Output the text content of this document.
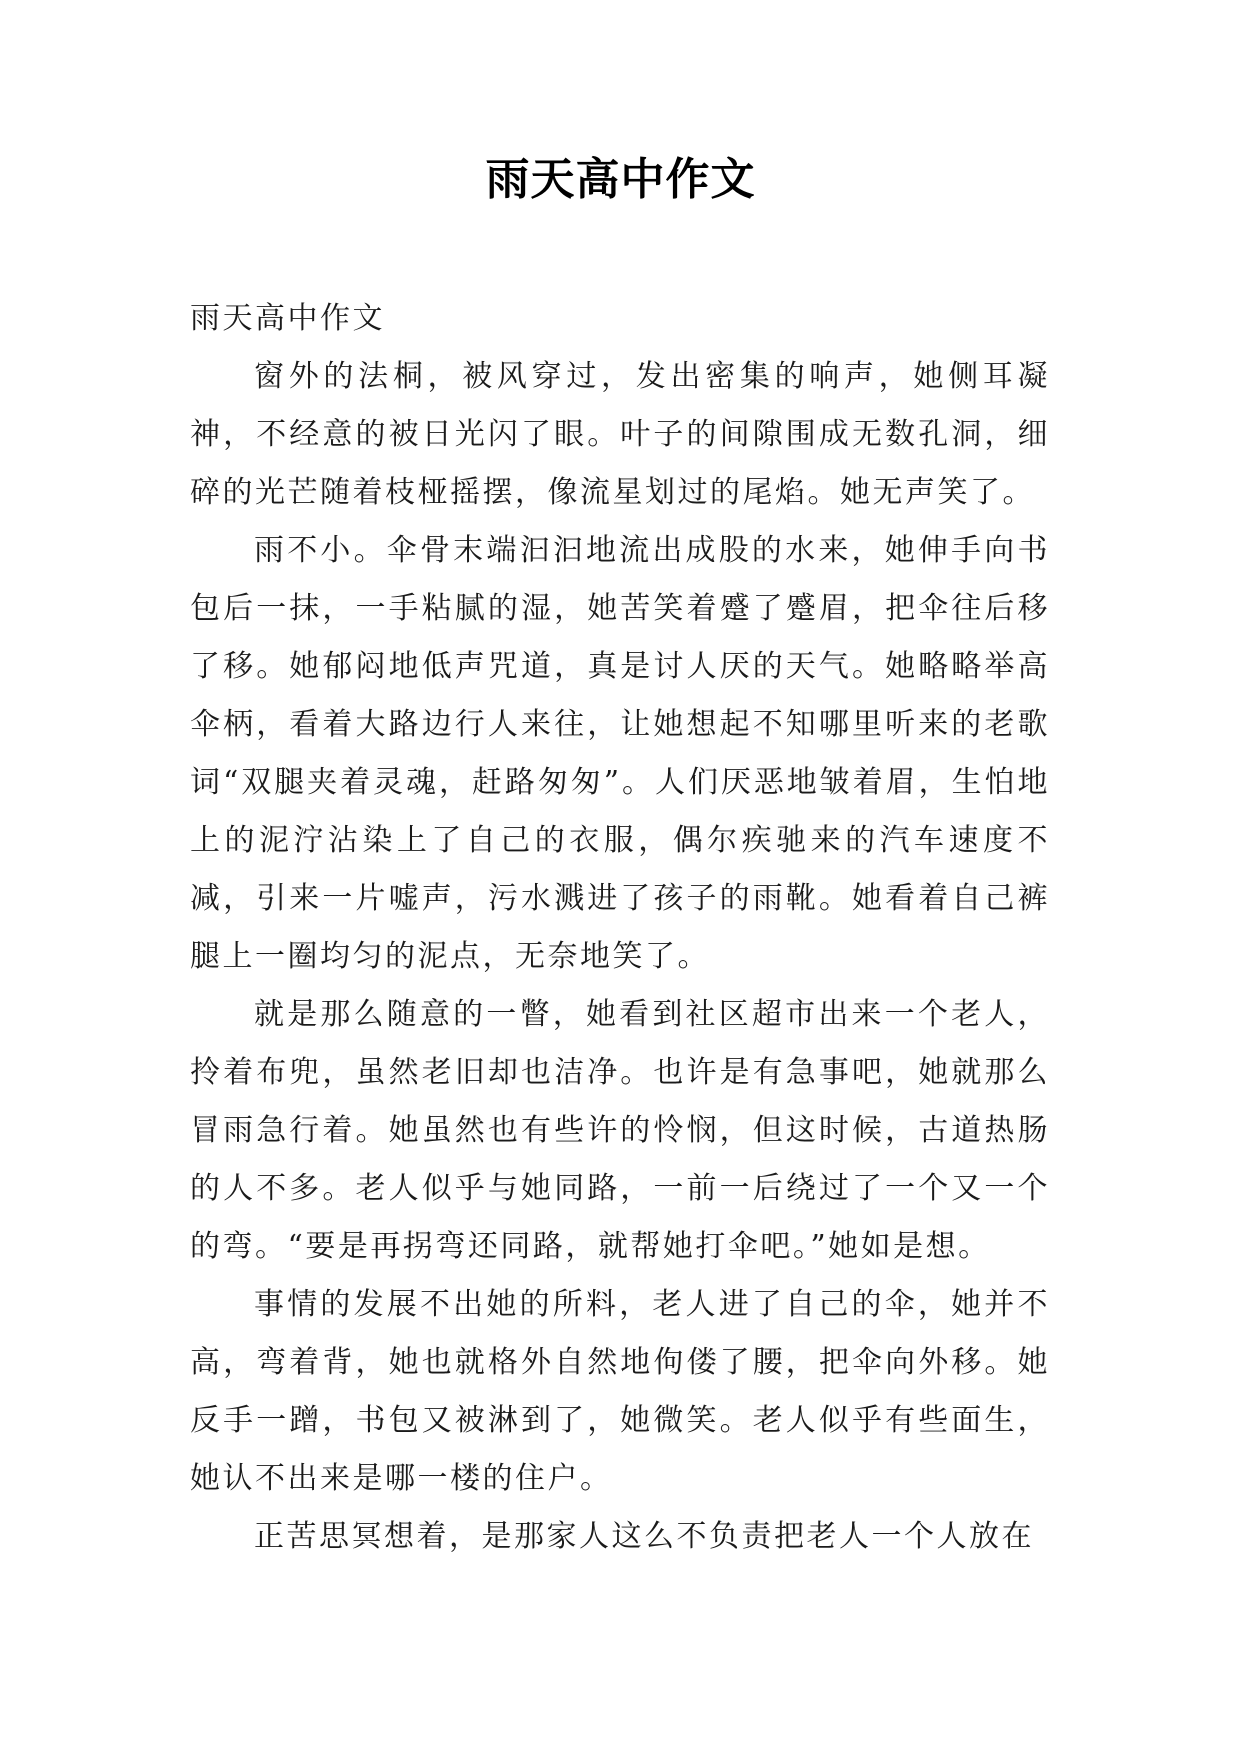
雨天高中作文

雨天高中作文

窗外的法桐，被风穿过，发出密集的响声，她侧耳凝神，不经意的被日光闪了眼。叶子的间隙围成无数孔洞，细碎的光芒随着枝桠摇摆，像流星划过的尾焰。她无声笑了。

雨不小。伞骨末端汩汩地流出成股的水来，她伸手向书包后一抹，一手粘腻的湿，她苦笑着蹙了蹙眉，把伞往后移了移。她郁闷地低声咒道，真是讨人厌的天气。她略略举高伞柄，看着大路边行人来往，让她想起不知哪里听来的老歌词“双腿夹着灵魂，赶路匆匆”。人们厌恶地皱着眉，生怕地上的泥泞沾染上了自己的衣服，偶尔疾驰来的汽车速度不减，引来一片嘘声，污水溅进了孩子的雨靴。她看着自己裤腿上一圈均匀的泥点，无奈地笑了。

就是那么随意的一瞥，她看到社区超市出来一个老人，拎着布兜，虽然老旧却也洁净。也许是有急事吧，她就那么冒雨急行着。她虽然也有些许的怜悯，但这时候，古道热肠的人不多。老人似乎与她同路，一前一后绕过了一个又一个的弯。“要是再拐弯还同路，就帮她打伞吧。”她如是想。

事情的发展不出她的所料，老人进了自己的伞，她并不高，弯着背，她也就格外自然地佝偻了腰，把伞向外移。她反手一蹭，书包又被淋到了，她微笑。老人似乎有些面生，她认不出来是哪一楼的住户。

正苦思冥想着，是那家人这么不负责把老人一个人放在
